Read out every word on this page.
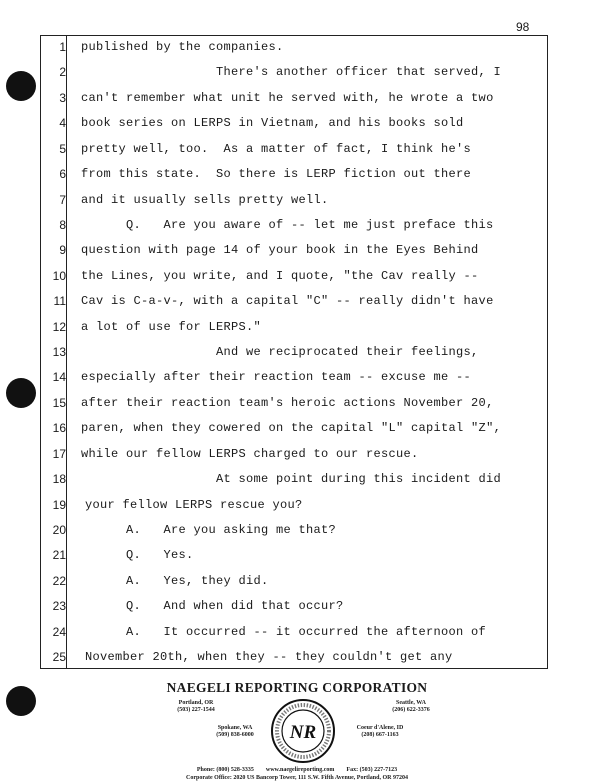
98
1 published by the companies.
2	There's another officer that served, I
3 can't remember what unit he served with, he wrote a two
4 book series on LERPS in Vietnam, and his books sold
5 pretty well, too.  As a matter of fact, I think he's
6 from this state.  So there is LERP fiction out there
7 and it usually sells pretty well.
8	Q.   Are you aware of -- let me just preface this
9 question with page 14 of your book in the Eyes Behind
10 the Lines, you write, and I quote, "the Cav really --
11 Cav is C-a-v-, with a capital "C" -- really didn't have
12 a lot of use for LERPS."
13	And we reciprocated their feelings,
14 especially after their reaction team -- excuse me --
15 after their reaction team's heroic actions November 20,
16 paren, when they cowered on the capital "L" capital "Z",
17 while our fellow LERPS charged to our rescue.
18	At some point during this incident did
19 your fellow LERPS rescue you?
20	A.   Are you asking me that?
21	Q.   Yes.
22	A.   Yes, they did.
23	Q.   And when did that occur?
24	A.   It occurred -- it occurred the afternoon of
25 November 20th, when they -- they couldn't get any
NAEGELI REPORTING CORPORATION
Portland, OR
(503) 227-1544
Seattle, WA
(206) 622-3376
Spokane, WA
(509) 838-6000
Coeur d'Alene, ID
(208) 667-1163
NR
Phone: (800) 528-3335        www.naegelireporting.com        Fax: (503) 227-7123
Corporate Office: 2020 US Bancorp Tower, 111 S.W. Fifth Avenue, Portland, OR 97204
